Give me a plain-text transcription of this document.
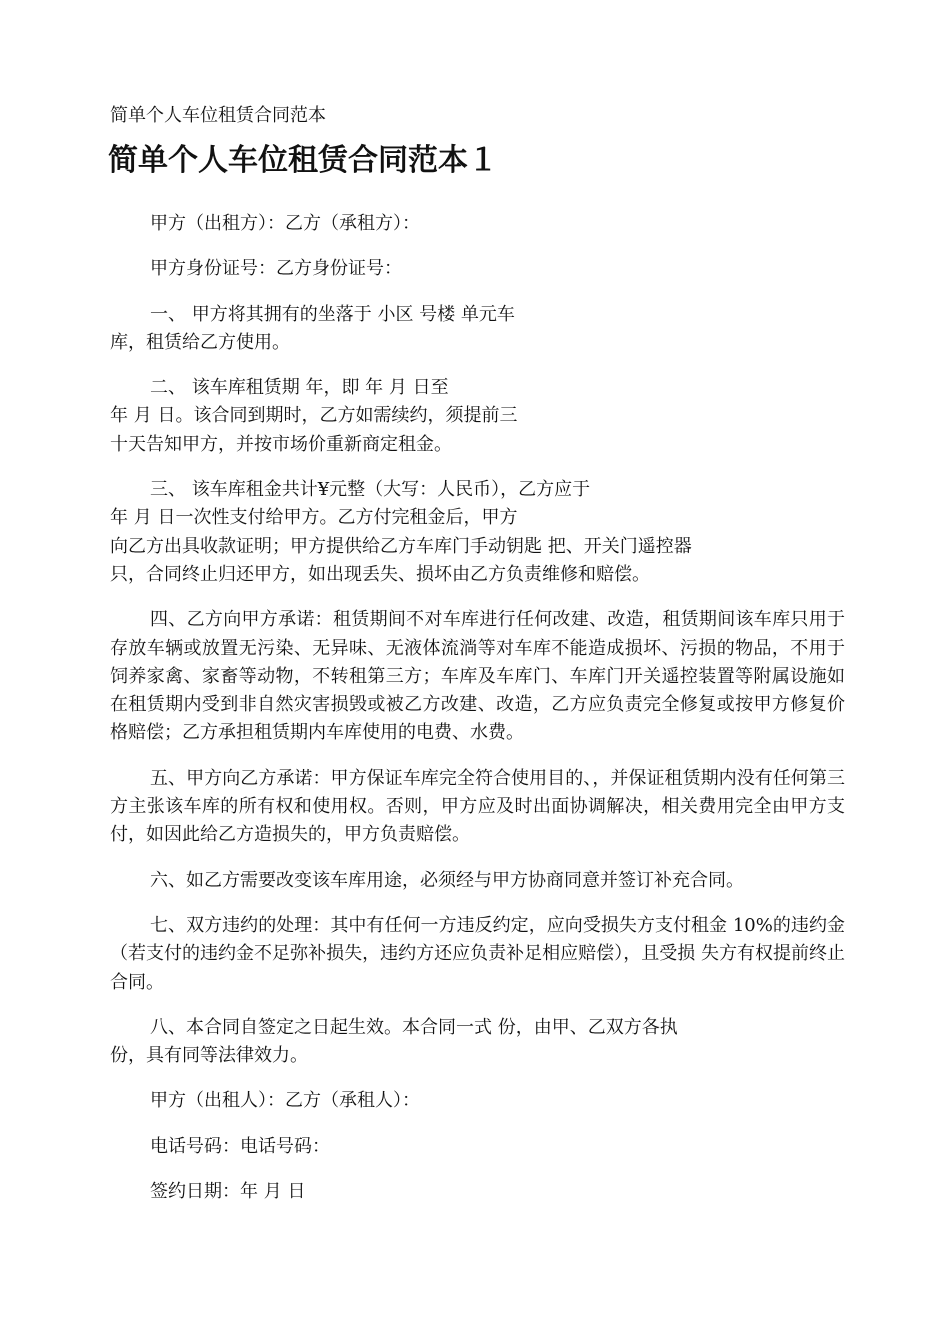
简单个人车位租赁合同范本
简单个人车位租赁合同范本１

甲方（出租方）：乙方（承租方）：

甲方身份证号：乙方身份证号：

一、 甲方将其拥有的坐落于 小区 号楼 单元车
库，租赁给乙方使用。

二、 该车库租赁期 年，即 年 月 日至
年 月 日。该合同到期时，乙方如需续约，须提前三
十天告知甲方，并按市场价重新商定租金。

三、 该车库租金共计¥元整（大写：人民币），乙方应于
年 月 日一次性支付给甲方。乙方付完租金后，甲方
向乙方出具收款证明；甲方提供给乙方车库门手动钥匙 把、开关门遥控器
只，合同终止归还甲方，如出现丢失、损坏由乙方负责维修和赔偿。

四、乙方向甲方承诺：租赁期间不对车库进行任何改建、改造，租赁期间该车库只用于存放车辆或放置无污染、无异味、无液体流淌等对车库不能造成损坏、污损的物品，不用于饲养家禽、家畜等动物，不转租第三方；车库及车库门、车库门开关遥控装置等附属设施如在租赁期内受到非自然灾害损毁或被乙方改建、改造，乙方应负责完全修复或按甲方修复价格赔偿；乙方承担租赁期内车库使用的电费、水费。

五、甲方向乙方承诺：甲方保证车库完全符合使用目的、，并保证租赁期内没有任何第三方主张该车库的所有权和使用权。否则，甲方应及时出面协调解决，相关费用完全由甲方支付，如因此给乙方造损失的，甲方负责赔偿。

六、如乙方需要改变该车库用途，必须经与甲方协商同意并签订补充合同。

七、双方违约的处理：其中有任何一方违反约定，应向受损失方支付租金 10%的违约金（若支付的违约金不足弥补损失，违约方还应负责补足相应赔偿），且受损 失方有权提前终止合同。

八、本合同自签定之日起生效。本合同一式 份，由甲、乙双方各执
份，具有同等法律效力。

甲方（出租人）：乙方（承租人）：

电话号码：电话号码：

签约日期：年 月 日
